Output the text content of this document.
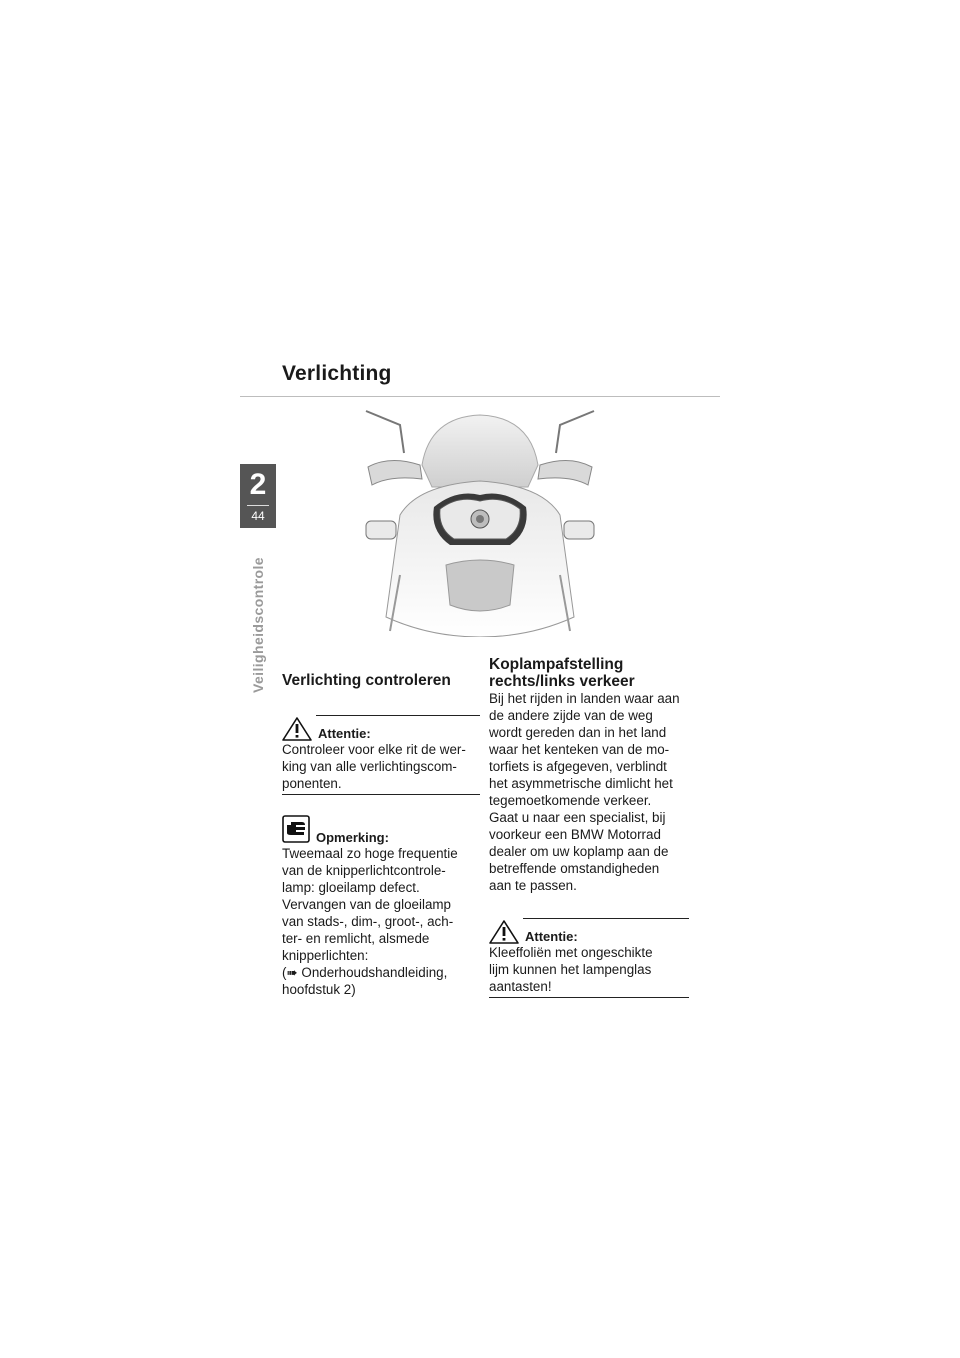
Verlichting
2
44
Veiligheidscontrole Verlichting controleren
Attentie:
Controleer voor elke rit de wer-
king van alle verlichtingscom-
ponenten.
Opmerking:
Tweemaal zo hoge frequentie
van de knipperlichtcontrole-
lamp: gloeilamp defect.
Vervangen van de gloeilamp
van stads-, dim-, groot-, ach-
ter- en remlicht, alsmede
knipperlichten:
(➠ Onderhoudshandleiding,
hoofdstuk 2)
Koplampafstelling
rechts/links verkeer
Bij het rijden in landen waar aan
de andere zijde van de weg
wordt gereden dan in het land
waar het kenteken van de mo-
torfiets is afgegeven, verblindt
het asymmetrische dimlicht het
tegemoetkomende verkeer.
Gaat u naar een specialist, bij
voorkeur een BMW Motorrad
dealer om uw koplamp aan de
betreffende omstandigheden
aan te passen.
Attentie:
Kleeffoliën met ongeschikte
lijm kunnen het lampenglas
aantasten!
